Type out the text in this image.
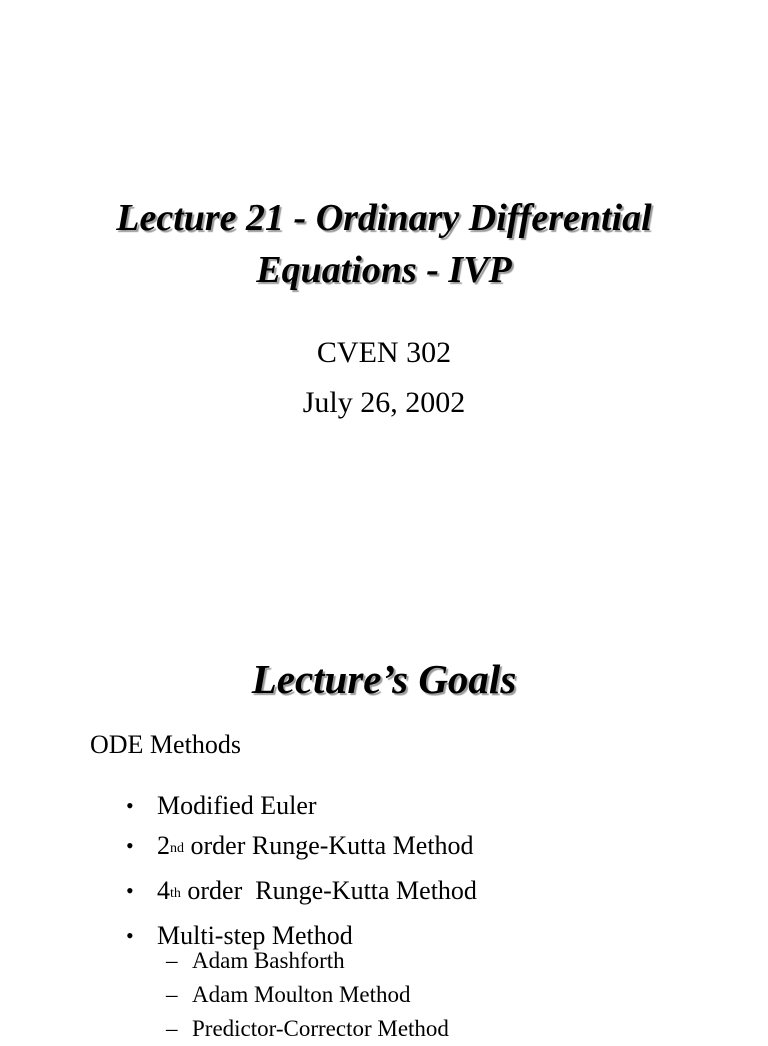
Lecture 21 - Ordinary Differential
Equations - IVP
CVEN 302
July 26, 2002
Lecture’s Goals
ODE Methods
• Modified Euler
• 2nd order Runge-Kutta Method
• 4th order  Runge-Kutta Method
• Multi-step Method
– Adam Bashforth
– Adam Moulton Method
– Predictor-Corrector Method
